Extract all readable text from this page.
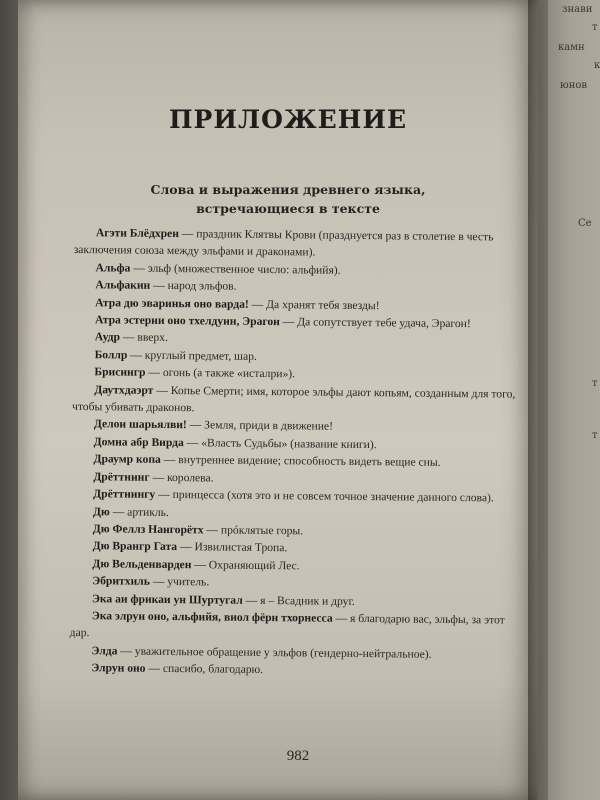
ПРИЛОЖЕНИЕ
Слова и выражения древнего языка,
встречающиеся в тексте

Агэти Блёдхрен — праздник Клятвы Крови (празднуется раз в столетие в честь заключения союза между эльфами и драконами).

Альфа — эльф (множественное число: альфийя).

Альфакин — народ эльфов.

Атра дю эваринья оно варда! — Да хранят тебя звезды!

Атра эстерни оно тхелдуин, Эрагон — Да сопутствует тебе удача, Эрагон!

Аудр — вверх.

Боллр — круглый предмет, шар.

Брисингр — огонь (а также «исталри»).

Даутхдаэрт — Копье Смерти; имя, которое эльфы дают копьям, созданным для того, чтобы убивать драконов.

Делои шарьялви! — Земля, приди в движение!

Домна абр Вирда — «Власть Судьбы» (название книги).

Драумр копа — внутреннее видение; способность видеть вещие сны.

Дрёттнинг — королева.

Дрёттнингу — принцесса (хотя это и не совсем точное значение данного слова).

Дю — артикль.

Дю Феллз Нангорётх — прóклятые горы.

Дю Врангр Гата — Извилистая Тропа.

Дю Вельденварден — Охраняющий Лес.

Эбритхиль — учитель.

Эка аи фрикаи ун Шуртугал — я – Всадник и друг.

Эка элрун оно, альфийя, виол фёрн тхорнесса — я благодарю вас, эльфы, за этот дар.

Элда — уважительное обращение у эльфов (гендерно-нейтральное).

Элрун оно — спасибо, благодарю.

982
знави
т
камн
к
юнов
Се
т
т
